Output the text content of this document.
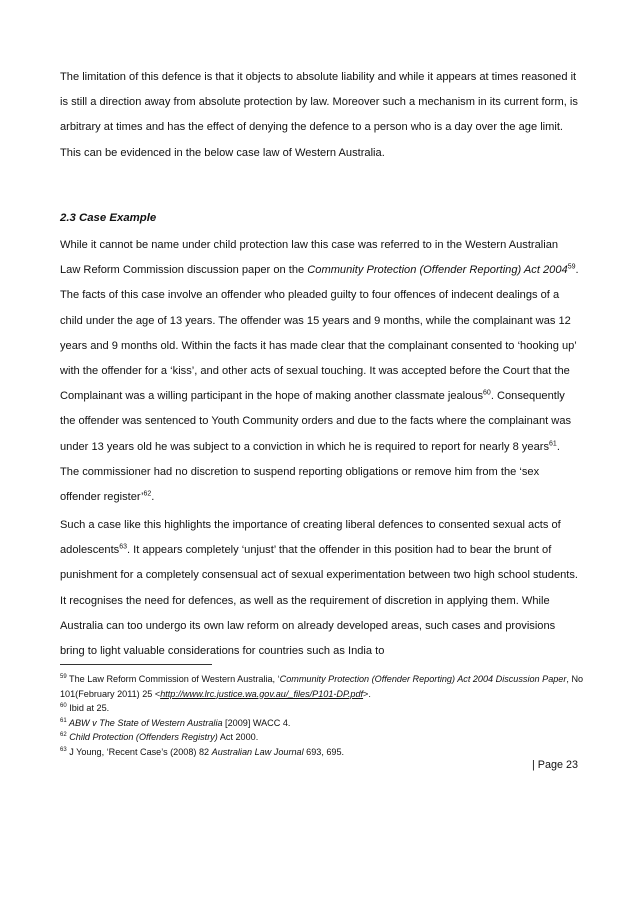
The limitation of this defence is that it objects to absolute liability and while it appears at times reasoned it is still a direction away from absolute protection by law. Moreover such a mechanism in its current form, is arbitrary at times and has the effect of denying the defence to a person who is a day over the age limit. This can be evidenced in the below case law of Western Australia.

2.3 Case Example

While it cannot be name under child protection law this case was referred to in the Western Australian Law Reform Commission discussion paper on the Community Protection (Offender Reporting) Act 2004$^{59}$. The facts of this case involve an offender who pleaded guilty to four offences of indecent dealings of a child under the age of 13 years. The offender was 15 years and 9 months, while the complainant was 12 years and 9 months old. Within the facts it has made clear that the complainant consented to ‘hooking up’ with the offender for a ‘kiss’, and other acts of sexual touching. It was accepted before the Court that the Complainant was a willing participant in the hope of making another classmate jealous$^{60}$. Consequently the offender was sentenced to Youth Community orders and due to the facts where the complainant was under 13 years old he was subject to a conviction in which he is required to report for nearly 8 years$^{61}$. The commissioner had no discretion to suspend reporting obligations or remove him from the ‘sex offender register’$^{62}$.

Such a case like this highlights the importance of creating liberal defences to consented sexual acts of adolescents$^{63}$. It appears completely ‘unjust’ that the offender in this position had to bear the brunt of punishment for a completely consensual act of sexual experimentation between two high school students. It recognises the need for defences, as well as the requirement of discretion in applying them. While Australia can too undergo its own law reform on already developed areas, such cases and provisions bring to light valuable considerations for countries such as India to

$^{59}$ The Law Reform Commission of Western Australia, ‘Community Protection (Offender Reporting) Act 2004 Discussion Paper, No 101(February 2011) 25 <http://www.lrc.justice.wa.gov.au/_files/P101-DP.pdf>.

$^{60}$ Ibid at 25.

$^{61}$ ABW v The State of Western Australia [2009] WACC 4.

$^{62}$ Child Protection (Offenders Registry) Act 2000.

$^{63}$ J Young, ‘Recent Case’s (2008) 82 Australian Law Journal 693, 695.

| Page 23
